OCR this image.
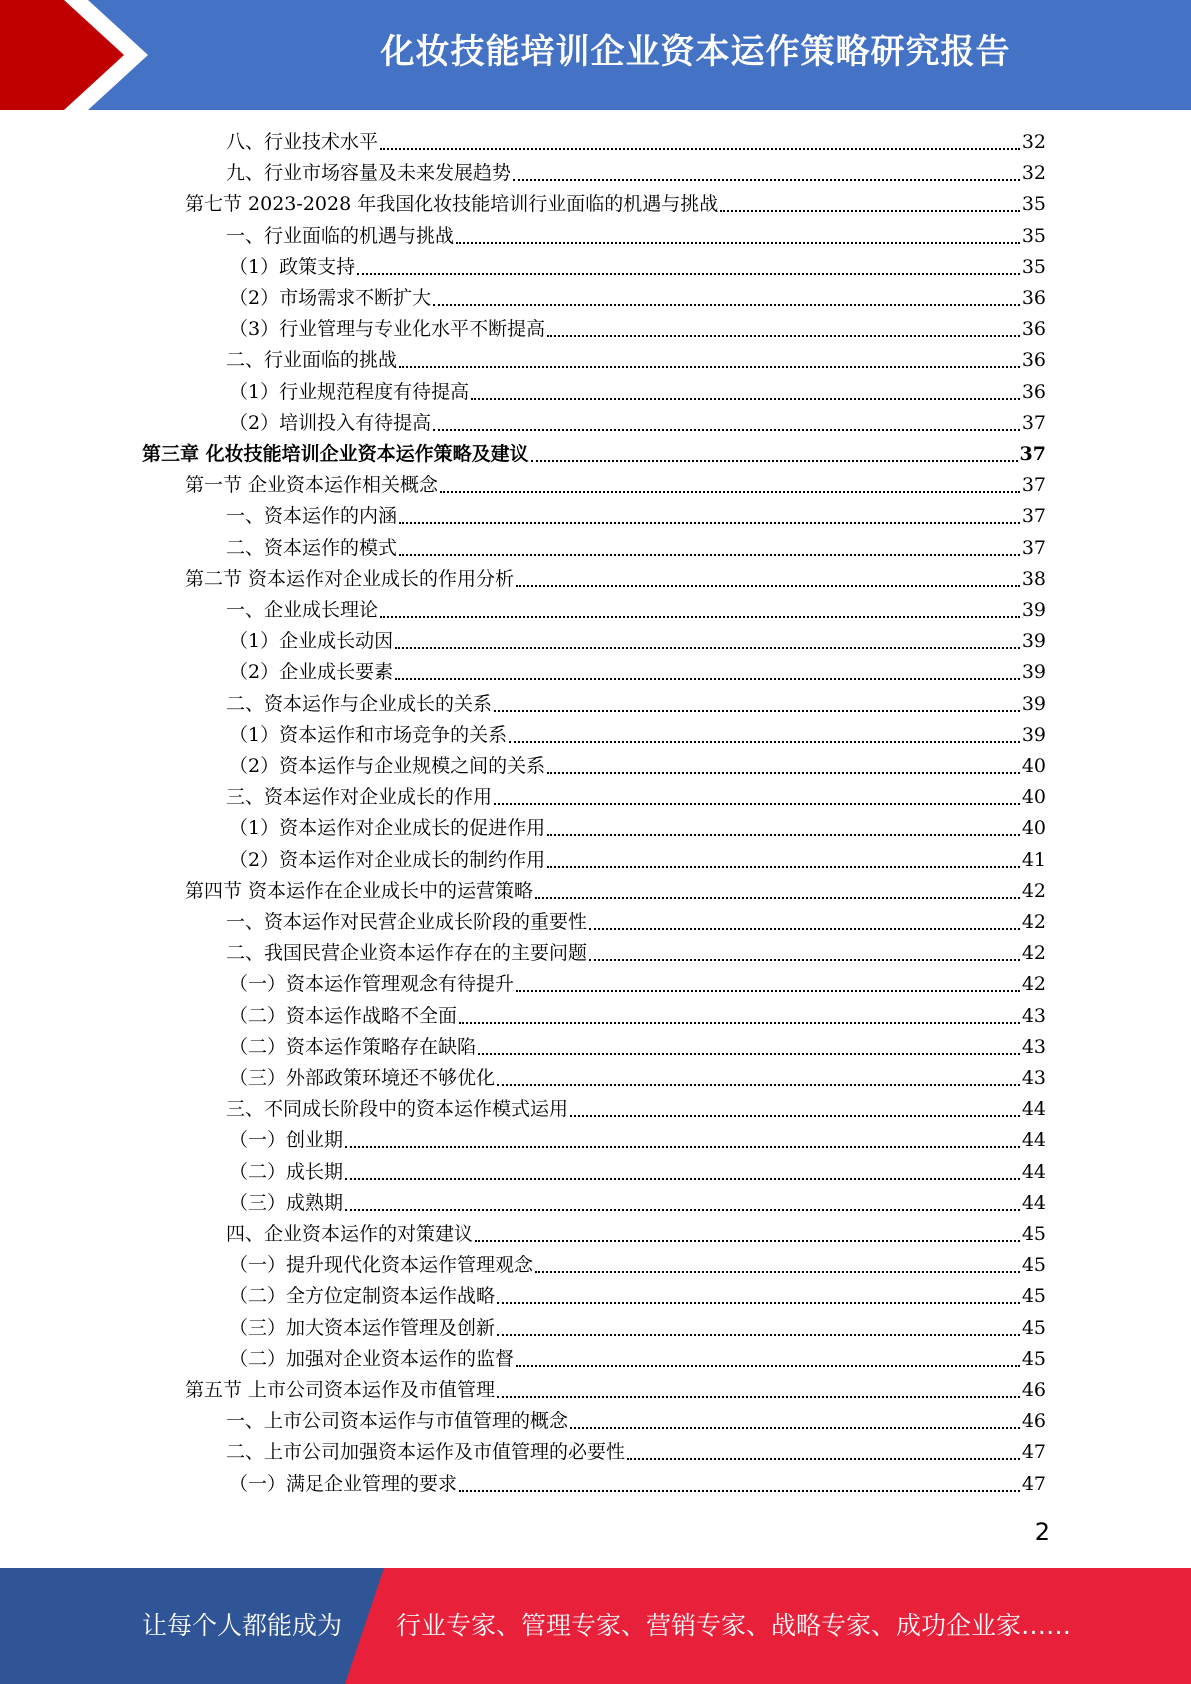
化妆技能培训企业资本运作策略研究报告
八、行业技术水平	32
九、行业市场容量及未来发展趋势	32
第七节 2023-2028 年我国化妆技能培训行业面临的机遇与挑战	35
一、行业面临的机遇与挑战	35
（1）政策支持	35
（2）市场需求不断扩大	36
（3）行业管理与专业化水平不断提高	36
二、行业面临的挑战	36
（1）行业规范程度有待提高	36
（2）培训投入有待提高	37
第三章 化妆技能培训企业资本运作策略及建议	37
第一节 企业资本运作相关概念	37
一、资本运作的内涵	37
二、资本运作的模式	37
第二节 资本运作对企业成长的作用分析	38
一、企业成长理论	39
（1）企业成长动因	39
（2）企业成长要素	39
二、资本运作与企业成长的关系	39
（1）资本运作和市场竞争的关系	39
（2）资本运作与企业规模之间的关系	40
三、资本运作对企业成长的作用	40
（1）资本运作对企业成长的促进作用	40
（2）资本运作对企业成长的制约作用	41
第四节 资本运作在企业成长中的运营策略	42
一、资本运作对民营企业成长阶段的重要性	42
二、我国民营企业资本运作存在的主要问题	42
（一）资本运作管理观念有待提升	42
（二）资本运作战略不全面	43
（二）资本运作策略存在缺陷	43
（三）外部政策环境还不够优化	43
三、不同成长阶段中的资本运作模式运用	44
（一）创业期	44
（二）成长期	44
（三）成熟期	44
四、企业资本运作的对策建议	45
（一）提升现代化资本运作管理观念	45
（二）全方位定制资本运作战略	45
（三）加大资本运作管理及创新	45
（二）加强对企业资本运作的监督	45
第五节 上市公司资本运作及市值管理	46
一、上市公司资本运作与市值管理的概念	46
二、上市公司加强资本运作及市值管理的必要性	47
（一）满足企业管理的要求	47
2
让每个人都能成为 行业专家、管理专家、营销专家、战略专家、成功企业家……
